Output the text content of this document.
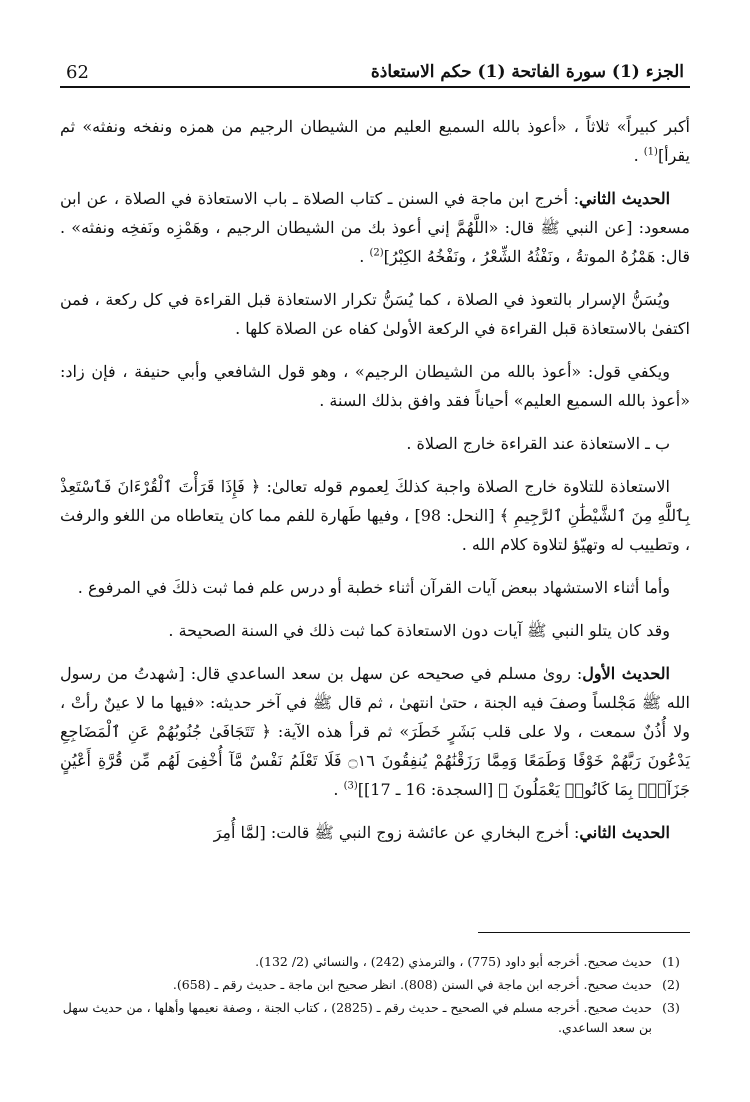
62	الجزء (1) سورة الفاتحة (1) حكم الاستعاذة

أكبر كبيراً» ثلاثاً ، «أعوذ بالله السميع العليم من الشيطان الرجيم من همزه ونفخه ونفثه» ثم يقرأ]$^{(1)}$ .

الحديث الثاني: أخرج ابن ماجة في السنن ـ كتاب الصلاة ـ باب الاستعاذة في الصلاة ، عن ابن مسعود: [عن النبي ﷺ قال: «اللَّهُمَّ إني أعوذ بك من الشيطان الرجيم ، وهَمْزِه ونَفخِه ونفثه» . قال: هَمْزُهُ الموتةُ ، ونَفْثُهُ الشِّعْرُ ، ونَفْخُهُ الكِبْرُ]$^{(2)}$ .

ويُسَنُّ الإسرار بالتعوذ في الصلاة ، كما يُسَنُّ تكرار الاستعاذة قبل القراءة في كل ركعة ، فمن اكتفىٰ بالاستعاذة قبل القراءة في الركعة الأولىٰ كفاه عن الصلاة كلها .

ويكفي قول: «أعوذ بالله من الشيطان الرجيم» ، وهو قول الشافعي وأبي حنيفة ، فإن زاد: «أعوذ بالله السميع العليم» أحياناً فقد وافق بذلك السنة .

ب ـ الاستعاذة عند القراءة خارج الصلاة .

الاستعاذة للتلاوة خارج الصلاة واجبة كذلكَ لِعموم قوله تعالىٰ: ﴿ فَإِذَا قَرَأْتَ ٱلْقُرْءَانَ فَٱسْتَعِذْ بِٱللَّهِ مِنَ ٱلشَّيْطَٰنِ ٱلرَّجِيمِ ﴾ [النحل: 98] ، وفيها طَهارة للفم مما كان يتعاطاه من اللغو والرفث ، وتطييب له وتهيّؤ لتلاوة كلام الله .

وأما أثناء الاستشهاد ببعض آيات القرآن أثناء خطبة أو درس علم فما ثبت ذلكَ في المرفوع .

وقد كان يتلو النبي ﷺ آيات دون الاستعاذة كما ثبت ذلك في السنة الصحيحة .

الحديث الأول: روىٰ مسلم في صحيحه عن سهل بن سعد الساعدي قال: [شهدتُ من رسول الله ﷺ مَجْلساً وصفَ فيه الجنة ، حتىٰ انتهىٰ ، ثم قال ﷺ في آخر حديثه: «فيها ما لا عينٌ رأتْ ، ولا أُذُنٌ سمعت ، ولا على قلب بَشَرٍ خَطَرَ» ثم قرأ هذه الآية: ﴿ تَتَجَافَىٰ جُنُوبُهُمْ عَنِ ٱلْمَضَاجِعِ يَدْعُونَ رَبَّهُمْ خَوْفًا وَطَمَعًا وَمِمَّا رَزَقْنَٰهُمْ يُنفِقُونَ ۝١٦ فَلَا تَعْلَمُ نَفْسٌ مَّآ أُخْفِىَ لَهُم مِّن قُرَّةِ أَعْيُنٍ جَزَآءًۢ بِمَا كَانُوا۟ يَعْمَلُونَ ﴾ [السجدة: 16 ـ 17]]$^{(3)}$ .

الحديث الثاني: أخرج البخاري عن عائشة زوج النبي ﷺ قالت: [لمَّا أُمِرَ

(1)
حديث صحيح. أخرجه أبو داود (775) ، والترمذي (242) ، والنسائي (2/ 132).
(2)
حديث صحيح. أخرجه ابن ماجة في السنن (808). انظر صحيح ابن ماجة ـ حديث رقم ـ (658).
(3)
حديث صحيح. أخرجه مسلم في الصحيح ـ حديث رقم ـ (2825) ، كتاب الجنة ، وصفة نعيمها وأهلها ، من حديث سهل بن سعد الساعدي.
